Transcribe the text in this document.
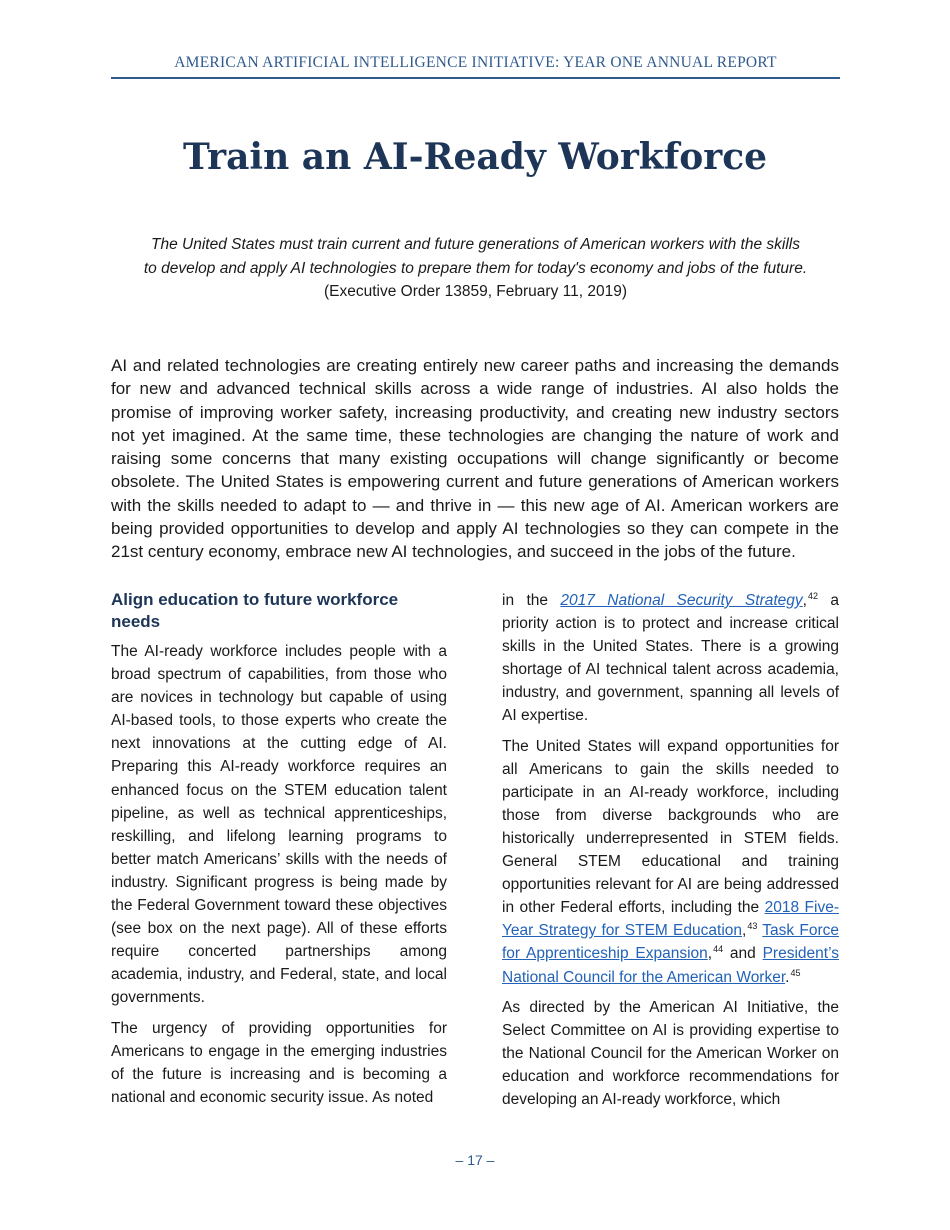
AMERICAN ARTIFICIAL INTELLIGENCE INITIATIVE: YEAR ONE ANNUAL REPORT
Train an AI-Ready Workforce
The United States must train current and future generations of American workers with the skills
to develop and apply AI technologies to prepare them for today's economy and jobs of the future.
(Executive Order 13859, February 11, 2019)

AI and related technologies are creating entirely new career paths and increasing the demands for new and advanced technical skills across a wide range of industries. AI also holds the promise of improving worker safety, increasing productivity, and creating new industry sectors not yet imagined. At the same time, these technologies are changing the nature of work and raising some concerns that many existing occupations will change significantly or become obsolete. The United States is empowering current and future generations of American workers with the skills needed to adapt to — and thrive in — this new age of AI. American workers are being provided opportunities to develop and apply AI technologies so they can compete in the 21st century economy, embrace new AI technologies, and succeed in the jobs of the future.

Align education to future workforce needs

The AI-ready workforce includes people with a broad spectrum of capabilities, from those who are novices in technology but capable of using AI-based tools, to those experts who create the next innovations at the cutting edge of AI. Preparing this AI-ready workforce requires an enhanced focus on the STEM education talent pipeline, as well as technical apprenticeships, reskilling, and lifelong learning programs to better match Americans’ skills with the needs of industry. Significant progress is being made by the Federal Government toward these objectives (see box on the next page). All of these efforts require concerted partnerships among academia, industry, and Federal, state, and local governments.

The urgency of providing opportunities for Americans to engage in the emerging industries of the future is increasing and is becoming a national and economic security issue. As noted

in the 2017 National Security Strategy,$^{42}$ a priority action is to protect and increase critical skills in the United States. There is a growing shortage of AI technical talent across academia, industry, and government, spanning all levels of AI expertise.

The United States will expand opportunities for all Americans to gain the skills needed to participate in an AI-ready workforce, including those from diverse backgrounds who are historically underrepresented in STEM fields. General STEM educational and training opportunities relevant for AI are being addressed in other Federal efforts, including the 2018 Five-Year Strategy for STEM Education,$^{43}$ Task Force for Apprenticeship Expansion,$^{44}$ and President’s National Council for the American Worker.$^{45}$

As directed by the American AI Initiative, the Select Committee on AI is providing expertise to the National Council for the American Worker on education and workforce recommendations for developing an AI-ready workforce, which

– 17 –
